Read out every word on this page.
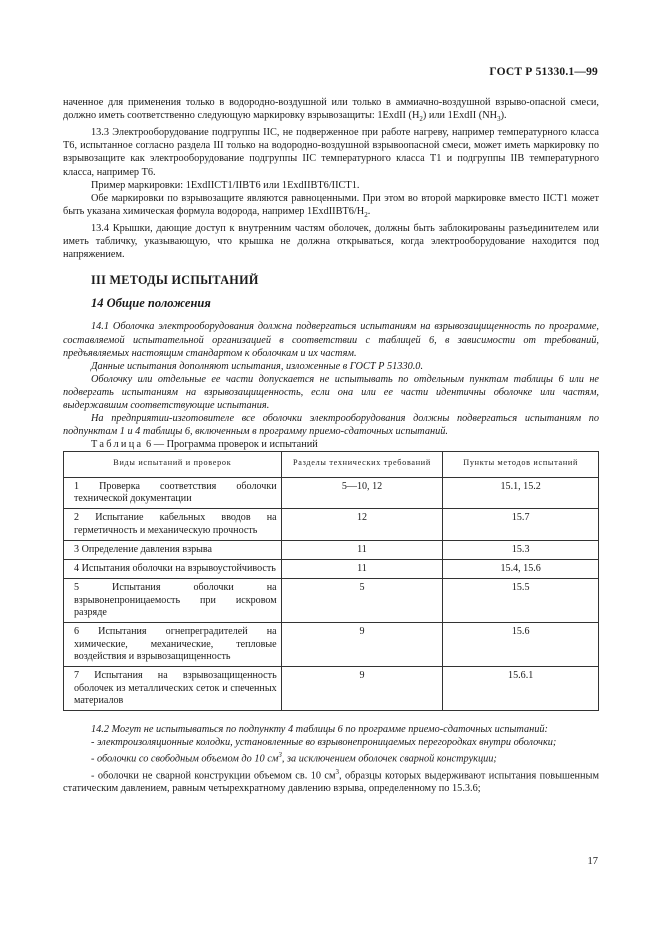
ГОСТ Р 51330.1—99

наченное для применения только в водородно-воздушной или только в аммиачно-воздушной взрыво-опасной смеси, должно иметь соответственно следующую маркировку взрывозащиты: 1ExdII $(H_2)$ или 1ExdII $(NH_3)$.

13.3 Электрооборудование подгруппы IIC, не подверженное при работе нагреву, например температурного класса Т6, испытанное согласно раздела III только на водородно-воздушной взрывоопасной смеси, может иметь маркировку по взрывозащите как электрооборудование подгруппы IIC температурного класса Т1 и подгруппы IIB температурного класса, например Т6.

Пример маркировки: 1ExdIICT1/IIBT6 или 1ExdIIBT6/IICT1.

Обе маркировки по взрывозащите являются равноценными. При этом во второй маркировке вместо IICT1 может быть указана химическая формула водорода, например $1ExdIIBT6/H_2$.

13.4 Крышки, дающие доступ к внутренним частям оболочек, должны быть заблокированы разъединителем или иметь табличку, указывающую, что крышка не должна открываться, когда электрооборудование находится под напряжением.

III МЕТОДЫ ИСПЫТАНИЙ
14 Общие положения

14.1 Оболочка электрооборудования должна подвергаться испытаниям на взрывозащищенность по программе, составляемой испытательной организацией в соответствии с таблицей 6, в зависимости от требований, предъявляемых настоящим стандартом к оболочкам и их частям.

Данные испытания дополняют испытания, изложенные в ГОСТ Р 51330.0.

Оболочку или отдельные ее части допускается не испытывать по отдельным пунктам таблицы 6 или не подвергать испытаниям на взрывозащищенность, если она или ее части идентичны оболочке или частям, выдержавшим соответствующие испытания.

На предприятии-изготовителе все оболочки электрооборудования должны подвергаться испытаниям по подпунктам 1 и 4 таблицы 6, включенным в программу приемо-сдаточных испытаний.

Таблица 6 — Программа проверок и испытаний

Виды испытаний и проверок	Разделы технических требований	Пункты методов испытаний
1 Проверка соответствия оболочки технической документации	5—10, 12	15.1, 15.2
2 Испытание кабельных вводов на герметичность и механическую прочность	12	15.7
3 Определение давления взрыва	11	15.3
4 Испытания оболочки на взрывоустойчивость	11	15.4, 15.6
5 Испытания оболочки на взрывонепроницаемость при искровом разряде	5	15.5
6 Испытания огнепреградителей на химические, механические, тепловые воздействия и взрывозащищенность	9	15.6
7 Испытания на взрывозащищенность оболочек из металлических сеток и спеченных материалов	9	15.6.1

14.2 Могут не испытываться по подпункту 4 таблицы 6 по программе приемо-сдаточных испытаний:

- электроизоляционные колодки, установленные во взрывонепроницаемых перегородках внутри оболочки;

- оболочки со свободным объемом до 10 $см^3$, за исключением оболочек сварной конструкции;

- оболочки не сварной конструкции объемом св. 10 $см^3$, образцы которых выдерживают испытания повышенным статическим давлением, равным четырехкратному давлению взрыва, определенному по 15.3.6;

17
